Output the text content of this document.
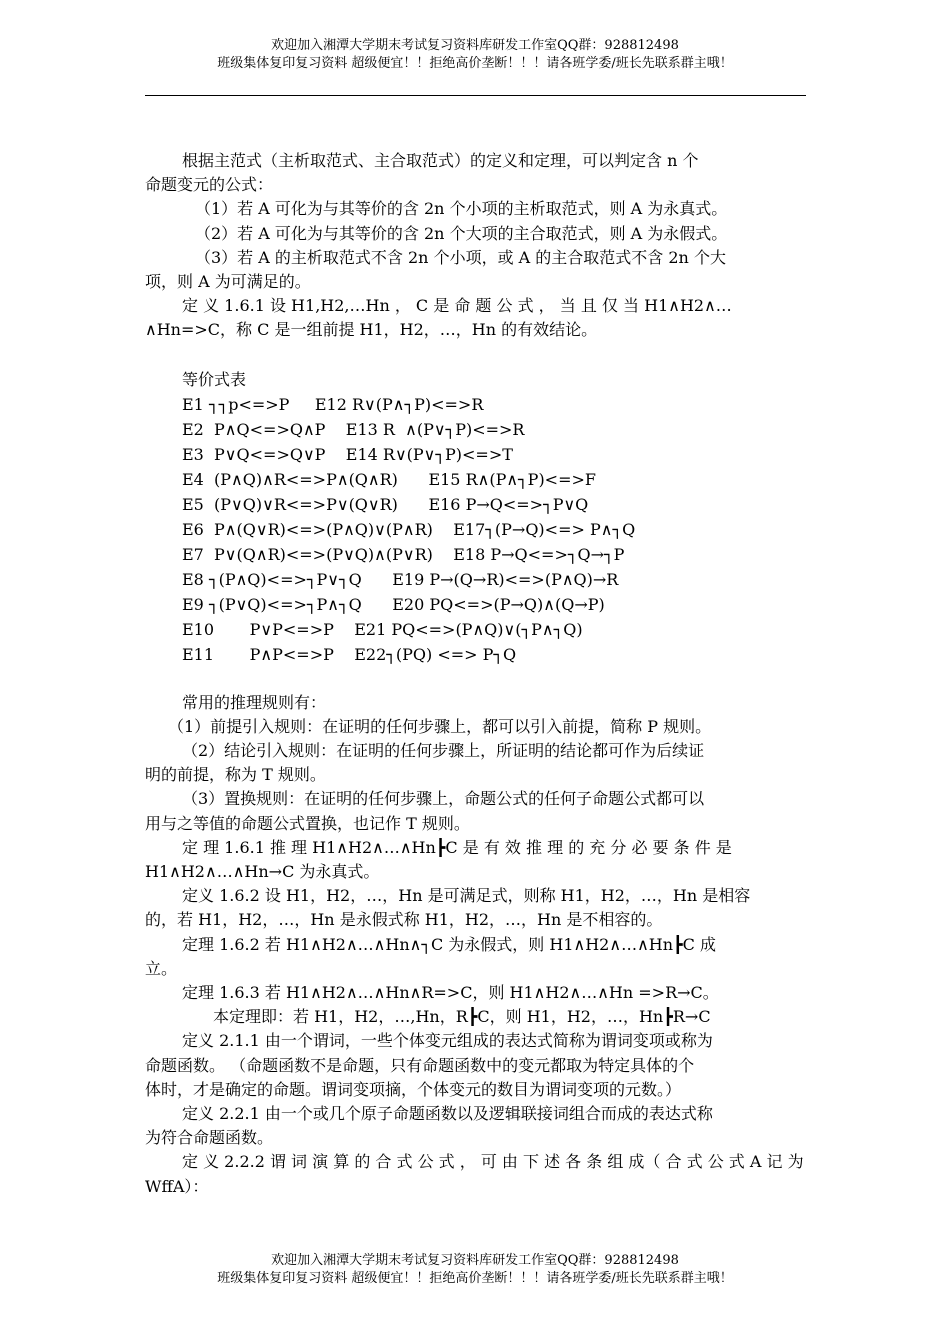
欢迎加入湘潭大学期末考试复习资料库研发工作室QQ群：928812498
班级集体复印复习资料 超级便宜！！拒绝高价垄断！！！请各班学委/班长先联系群主哦！

根据主范式（主析取范式、主合取范式）的定义和定理，可以判定含 n 个

命题变元的公式：

（1）若 A 可化为与其等价的含 2n 个小项的主析取范式，则 A 为永真式。

（2）若 A 可化为与其等价的含 2n 个大项的主合取范式，则 A 为永假式。

（3）若 A 的主析取范式不含 2n 个小项，或 A 的主合取范式不含 2n 个大

项，则 A 为可满足的。

定 义 1.6.1 设 H1,H2,…Hn ， C 是 命 题 公 式 ， 当 且 仅 当 H1∧H2∧…

∧Hn=>C，称 C 是一组前提 H1，H2，…，Hn 的有效结论。

等价式表
E1 ┐┐p<=>P     E12 R∨(P∧┐P)<=>R
E2  P∧Q<=>Q∧P    E13 R  ∧(P∨┐P)<=>R
E3  P∨Q<=>Q∨P    E14 R∨(P∨┐P)<=>T
E4  (P∧Q)∧R<=>P∧(Q∧R)      E15 R∧(P∧┐P)<=>F
E5  (P∨Q)∨R<=>P∨(Q∨R)      E16 P→Q<=>┐P∨Q
E6  P∧(Q∨R)<=>(P∧Q)∨(P∧R)    E17┐(P→Q)<=> P∧┐Q
E7  P∨(Q∧R)<=>(P∨Q)∧(P∨R)    E18 P→Q<=>┐Q→┐P
E8 ┐(P∧Q)<=>┐P∨┐Q      E19 P→(Q→R)<=>(P∧Q)→R
E9 ┐(P∨Q)<=>┐P∧┐Q      E20 PQ<=>(P→Q)∧(Q→P)
E10       P∨P<=>P    E21 PQ<=>(P∧Q)∨(┐P∧┐Q)
E11       P∧P<=>P    E22┐(PQ) <=> P┐Q

常用的推理规则有：

（1）前提引入规则：在证明的任何步骤上，都可以引入前提，简称 P 规则。

（2）结论引入规则：在证明的任何步骤上，所证明的结论都可作为后续证

明的前提，称为 T 规则。

（3）置换规则：在证明的任何步骤上，命题公式的任何子命题公式都可以

用与之等值的命题公式置换，也记作 T 规则。

定 理 1.6.1 推 理 H1∧H2∧…∧Hn┣C 是 有 效 推 理 的 充 分 必 要 条 件 是

H1∧H2∧…∧Hn→C 为永真式。

定义 1.6.2 设 H1，H2，…，Hn 是可满足式，则称 H1，H2，…，Hn 是相容

的，若 H1，H2，…，Hn 是永假式称 H1，H2，…，Hn 是不相容的。

定理 1.6.2 若 H1∧H2∧…∧Hn∧┐C 为永假式，则 H1∧H2∧…∧Hn┣C 成

立。

定理 1.6.3 若 H1∧H2∧…∧Hn∧R=>C，则 H1∧H2∧…∧Hn =>R→C。

本定理即：若 H1，H2，…,Hn，R┣C，则 H1，H2，…，Hn┣R→C

定义 2.1.1 由一个谓词，一些个体变元组成的表达式简称为谓词变项或称为

命题函数。 （命题函数不是命题，只有命题函数中的变元都取为特定具体的个

体时，才是确定的命题。谓词变项摘，个体变元的数目为谓词变项的元数。）

定义 2.2.1 由一个或几个原子命题函数以及逻辑联接词组合而成的表达式称

为符合命题函数。

定 义 2.2.2 谓 词 演 算 的 合 式 公 式 ， 可 由 下 述 各 条 组 成（ 合 式 公 式 A 记 为

WffA）：

欢迎加入湘潭大学期末考试复习资料库研发工作室QQ群：928812498
班级集体复印复习资料 超级便宜！！拒绝高价垄断！！！请各班学委/班长先联系群主哦！
